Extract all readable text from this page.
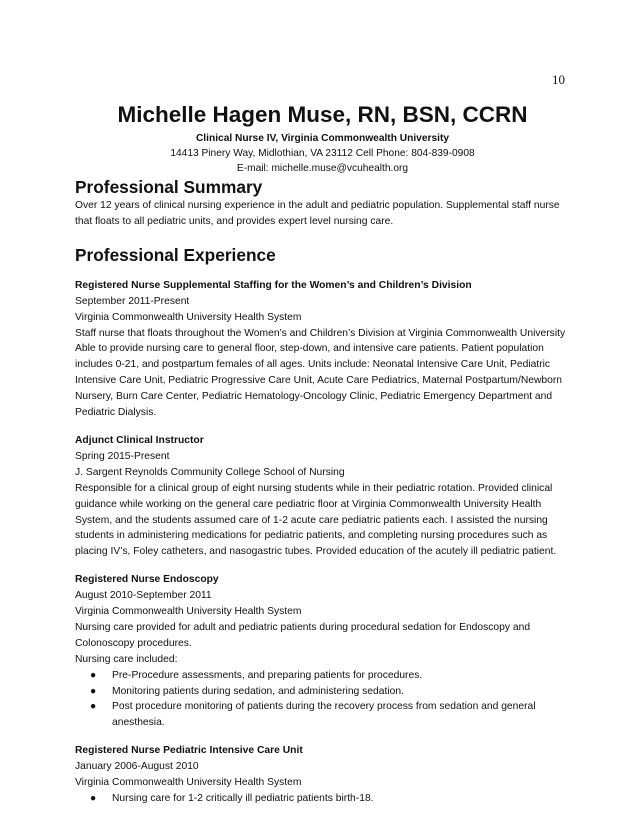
10
Michelle Hagen Muse, RN, BSN, CCRN

Clinical Nurse IV, Virginia Commonwealth University

14413 Pinery Way, Midlothian, VA 23112 Cell Phone: 804-839-0908

E-mail: michelle.muse@vcuhealth.org

Professional Summary

Over 12 years of clinical nursing experience in the adult and pediatric population. Supplemental staff nurse that floats to all pediatric units, and provides expert level nursing care.

Professional Experience

Registered Nurse Supplemental Staffing for the Women’s and Children’s Division

September 2011-Present

Virginia Commonwealth University Health System

Staff nurse that floats throughout the Women’s and Children’s Division at Virginia Commonwealth University Able to provide nursing care to general floor, step-down, and intensive care patients. Patient population includes 0-21, and postpartum females of all ages. Units include: Neonatal Intensive Care Unit, Pediatric Intensive Care Unit, Pediatric Progressive Care Unit, Acute Care Pediatrics, Maternal Postpartum/Newborn Nursery, Burn Care Center, Pediatric Hematology-Oncology Clinic, Pediatric Emergency Department and Pediatric Dialysis.

Adjunct Clinical Instructor

Spring 2015-Present

J. Sargent Reynolds Community College School of Nursing

Responsible for a clinical group of eight nursing students while in their pediatric rotation. Provided clinical guidance while working on the general care pediatric floor at Virginia Commonwealth University Health System, and the students assumed care of 1-2 acute care pediatric patients each. I assisted the nursing students in administering medications for pediatric patients, and completing nursing procedures such as placing IV’s, Foley catheters, and nasogastric tubes. Provided education of the acutely ill pediatric patient.

Registered Nurse Endoscopy

August 2010-September 2011

Virginia Commonwealth University Health System

Nursing care provided for adult and pediatric patients during procedural sedation for Endoscopy and Colonoscopy procedures.

Nursing care included:

● Pre-Procedure assessments, and preparing patients for procedures.
● Monitoring patients during sedation, and administering sedation.
● Post procedure monitoring of patients during the recovery process from sedation and general anesthesia.

Registered Nurse Pediatric Intensive Care Unit

January 2006-August 2010

Virginia Commonwealth University Health System

● Nursing care for 1-2 critically ill pediatric patients birth-18.
